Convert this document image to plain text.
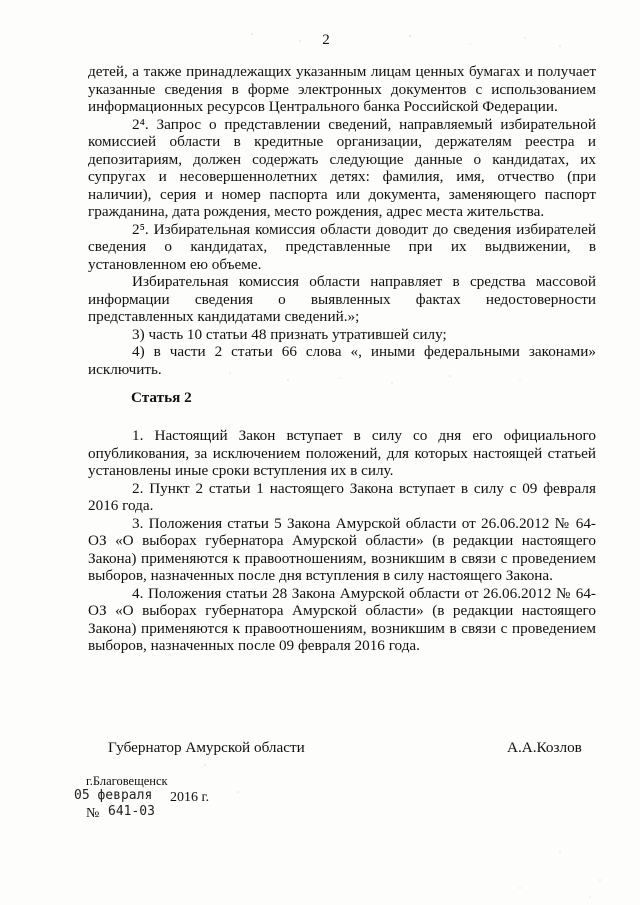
2

детей, а также принадлежащих указанным лицам ценных бумагах и получает указанные сведения в форме электронных документов с использованием информационных ресурсов Центрального банка Российской Федерации.

2⁴. Запрос о представлении сведений, направляемый избирательной комиссией области в кредитные организации, держателям реестра и депозитариям, должен содержать следующие данные о кандидатах, их супругах и несовершеннолетних детях: фамилия, имя, отчество (при наличии), серия и номер паспорта или документа, заменяющего паспорт гражданина, дата рождения, место рождения, адрес места жительства.

2⁵. Избирательная комиссия области доводит до сведения избирателей сведения о кандидатах, представленные при их выдвижении, в установленном ею объеме.

Избирательная комиссия области направляет в средства массовой информации сведения о выявленных фактах недостоверности представленных кандидатами сведений.»;

3) часть 10 статьи 48 признать утратившей силу;

4) в части 2 статьи 66 слова «, иными федеральными законами» исключить.

Статья 2

1. Настоящий Закон вступает в силу со дня его официального опубликования, за исключением положений, для которых настоящей статьей установлены иные сроки вступления их в силу.

2. Пункт 2 статьи 1 настоящего Закона вступает в силу с 09 февраля 2016 года.

3. Положения статьи 5 Закона Амурской области от 26.06.2012 № 64-ОЗ «О выборах губернатора Амурской области» (в редакции настоящего Закона) применяются к правоотношениям, возникшим в связи с проведением выборов, назначенных после дня вступления в силу настоящего Закона.

4. Положения статьи 28 Закона Амурской области от 26.06.2012 № 64-ОЗ «О выборах губернатора Амурской области» (в редакции настоящего Закона) применяются к правоотношениям, возникшим в связи с проведением выборов, назначенных после 09 февраля 2016 года.

Губернатор Амурской области	А.А.Козлов
г.Благовещенск
05 февраля 2016 г.
№ 641-03
